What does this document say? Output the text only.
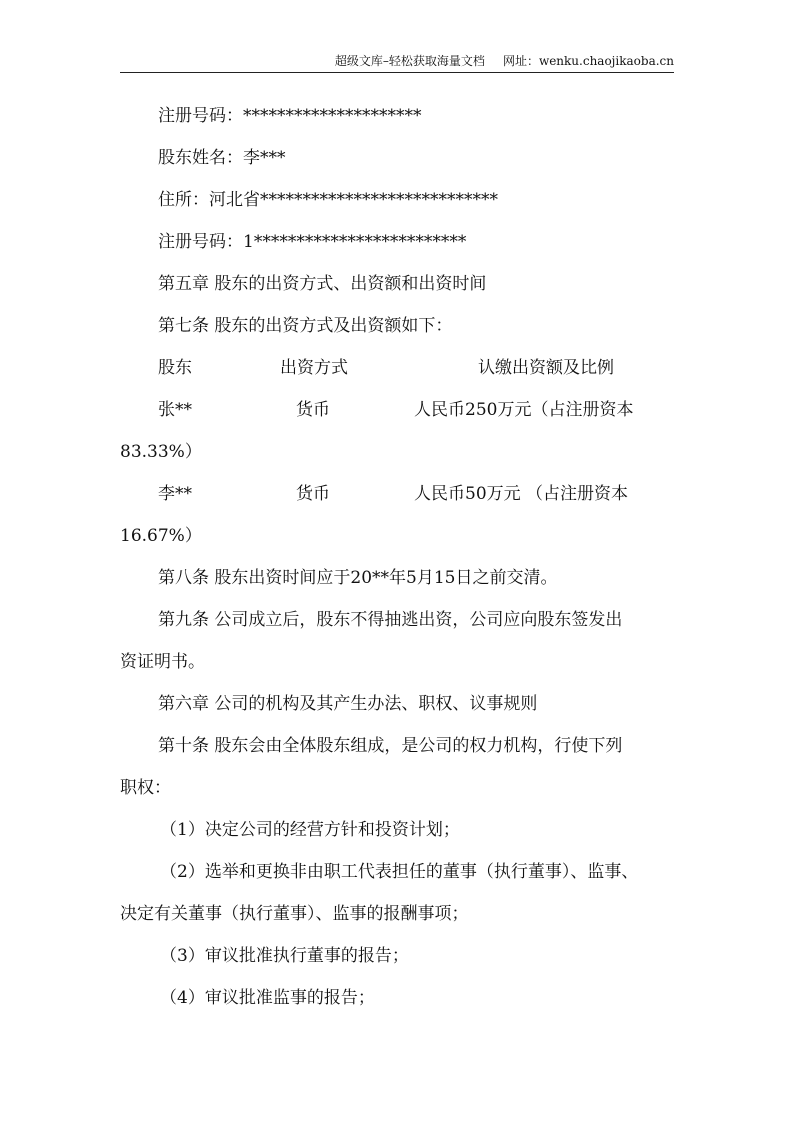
超级文库–轻松获取海量文档 网址：wenku.chaojikaoba.cn
注册号码：*********************
股东姓名：李***
住所：河北省****************************
注册号码：1*************************
第五章 股东的出资方式、出资额和出资时间
第七条 股东的出资方式及出资额如下：
股东	出资方式	认缴出资额及比例
张**	货币	人民币250万元（占注册资本
83.33%）
李**	货币	人民币50万元 （占注册资本
16.67%）
第八条 股东出资时间应于20**年5月15日之前交清。
第九条 公司成立后，股东不得抽逃出资，公司应向股东签发出
资证明书。
第六章 公司的机构及其产生办法、职权、议事规则
第十条 股东会由全体股东组成，是公司的权力机构，行使下列
职权：
（1）决定公司的经营方针和投资计划；
（2）选举和更换非由职工代表担任的董事（执行董事）、监事、
决定有关董事（执行董事）、监事的报酬事项；
（3）审议批准执行董事的报告；
（4）审议批准监事的报告；
